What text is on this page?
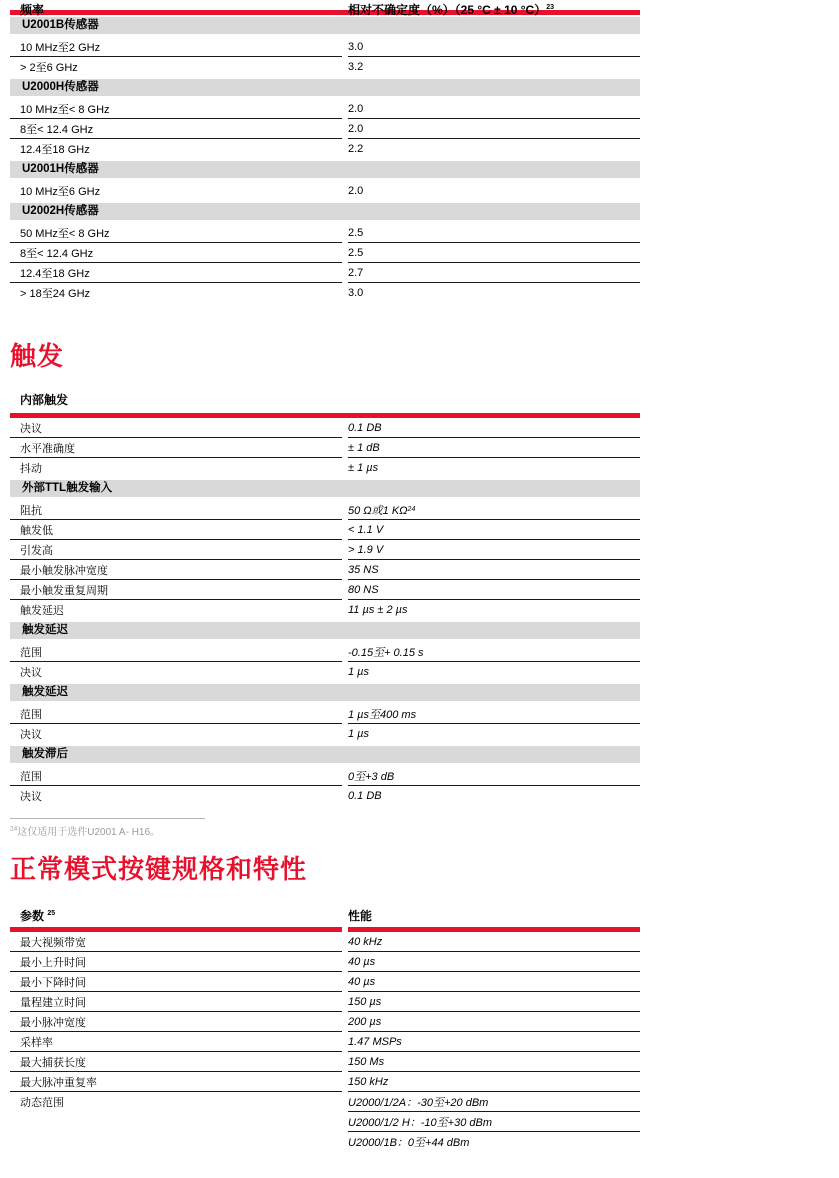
频率	相对不确定度（%）（25 °C ± 10 °C）$^{23}$
U2001B传感器
10 MHz至2 GHz	3.0
> 2至6 GHz	3.2
U2000H传感器
10 MHz至< 8 GHz	2.0
8至< 12.4 GHz	2.0
12.4至18 GHz	2.2
U2001H传感器
10 MHz至6 GHz	2.0
U2002H传感器
50 MHz至< 8 GHz	2.5
8至< 12.4 GHz	2.5
12.4至18 GHz	2.7
> 18至24 GHz	3.0
触发
内部触发
决议	0.1 DB
水平准确度	± 1 dB
抖动	± 1 µs
外部TTL触发输入
阻抗	50 Ω或1 KΩ 24
触发低	< 1.1 V
引发高	> 1.9 V
最小触发脉冲宽度	35 NS
最小触发重复周期	80 NS
触发延迟	11 µs ± 2 µs
触发延迟
范围	-0.15至+ 0.15 s
决议	1 µs
触发延迟
范围	1 µs至400 ms
决议	1 µs
触发滞后
范围	0至+3 dB
决议	0.1 DB
$^{24}$这仅适用于选件U2001 A- H16。
正常模式按键规格和特性
参数 $^{25}$	性能
最大视频带宽	40 kHz
最小上升时间	40 µs
最小下降时间	40 µs
量程建立时间	150 µs
最小脉冲宽度	200 µs
采样率	1.47 MSPs
最大捕获长度	150 Ms
最大脉冲重复率	150 kHz
动态范围	U2000/1/2A：-30至+20 dBm
U2000/1/2 H：-10至+30 dBm
U2000/1B：0至+44 dBm
